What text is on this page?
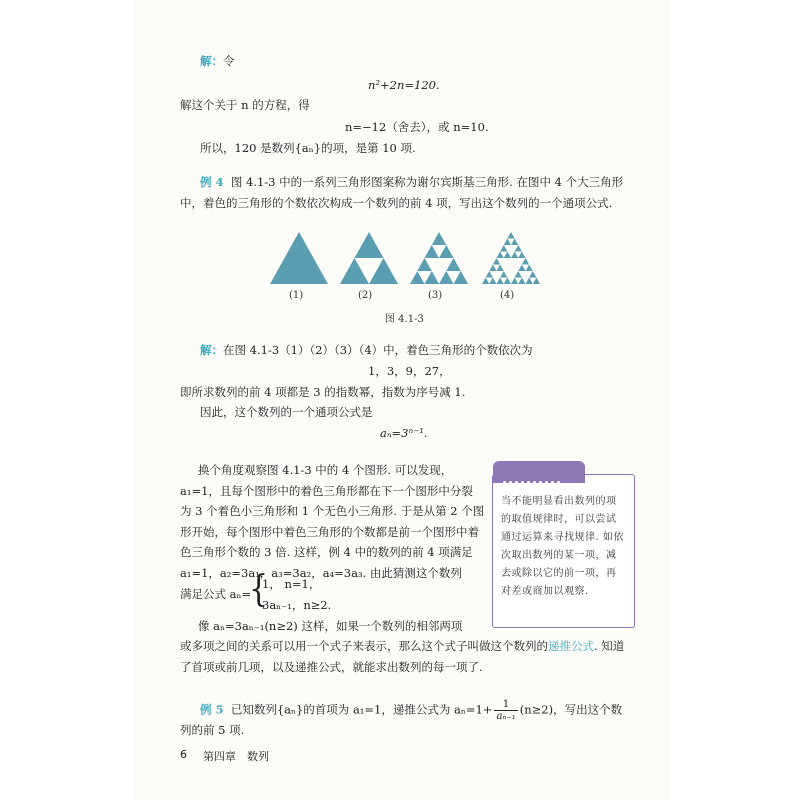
解：令
n²+2n=120.
解这个关于 n 的方程，得
n=−12（舍去），或 n=10.
所以，120 是数列{aₙ}的项，是第 10 项.
例 4 图 4.1-3 中的一系列三角形图案称为谢尔宾斯基三角形. 在图中 4 个大三角形
中，着色的三角形的个数依次构成一个数列的前 4 项，写出这个数列的一个通项公式.
(1)	(2)	(3)	(4)
图 4.1-3
解：在图 4.1-3（1）（2）（3）（4）中，着色三角形的个数依次为
1，3，9，27，
即所求数列的前 4 项都是 3 的指数幂，指数为序号减 1.
因此，这个数列的一个通项公式是
aₙ=3ⁿ⁻¹.
换个角度观察图 4.1-3 中的 4 个图形. 可以发现，
a₁=1，且每个图形中的着色三角形都在下一个图形中分裂
为 3 个着色小三角形和 1 个无色小三角形. 于是从第 2 个图
形开始，每个图形中着色三角形的个数都是前一个图形中着
色三角形个数的 3 倍. 这样，例 4 中的数列的前 4 项满足
a₁=1，a₂=3a₁，a₃=3a₂，a₄=3a₃. 由此猜测这个数列
满足公式 aₙ=
{
1， n=1，
3aₙ₋₁，n≥2.
像 aₙ=3aₙ₋₁(n≥2) 这样，如果一个数列的相邻两项
或多项之间的关系可以用一个式子来表示，那么这个式子叫做这个数列的递推公式. 知道
了首项或前几项，以及递推公式，就能求出数列的每一项了.
当不能明显看出数列的项的取值规律时，可以尝试通过运算来寻找规律. 如依次取出数列的某一项，减去或除以它的前一项，再对差或商加以观察.
例 5 已知数列{aₙ}的首项为 a₁=1，递推公式为 $a_n=1+ \frac{1}{\text{aₙ₋₁}} (n\ge 2)$，写出这个数
列的前 5 项.
6 第四章　数列
